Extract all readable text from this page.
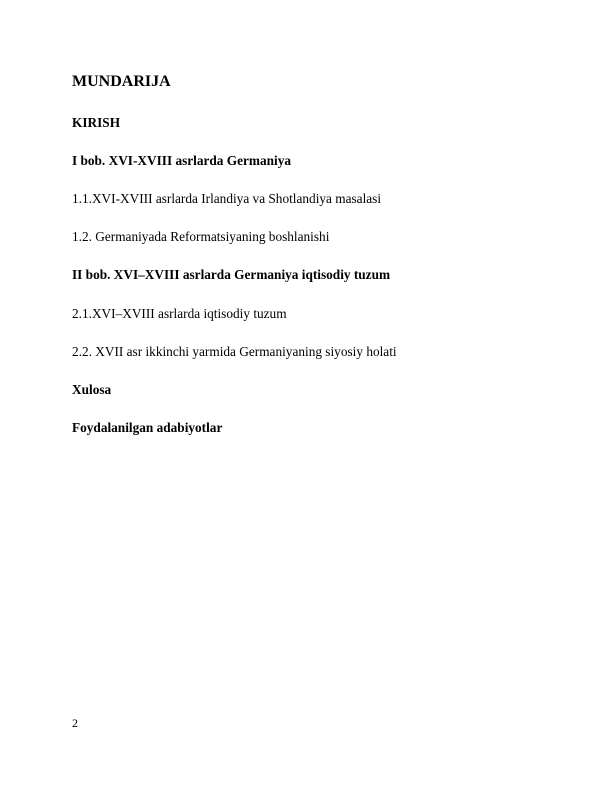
MUNDARIJA
KIRISH
I bob. XVI-XVIII asrlarda Germaniya
1.1.XVI-XVIII asrlarda Irlandiya va Shotlandiya masalasi
1.2. Germaniyada Reformatsiyaning boshlanishi
II bob. XVI–XVIII asrlarda Germaniya iqtisodiy tuzum
2.1.XVI–XVIII asrlarda iqtisodiy tuzum
2.2. XVII asr ikkinchi yarmida Germaniyaning siyosiy holati
Xulosa
Foydalanilgan adabiyotlar
2
